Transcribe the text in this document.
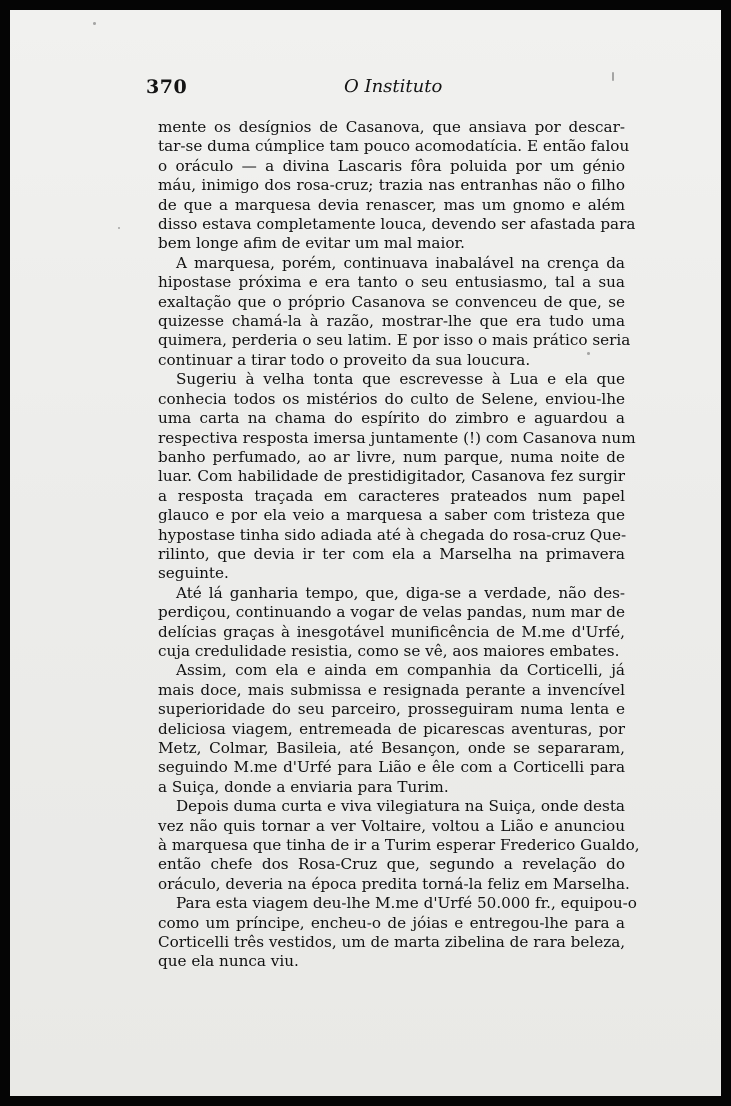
370	O Instituto

mente os desígnios de Casanova, que ansiava por descar-
tar-se duma cúmplice tam pouco acomodatícia. E então falou
o oráculo — a divina Lascaris fôra poluida por um génio
máu, inimigo dos rosa-cruz; trazia nas entranhas não o filho
de que a marquesa devia renascer, mas um gnomo e além
disso estava completamente louca, devendo ser afastada para
bem longe afim de evitar um mal maior.

A marquesa, porém, continuava inabalável na crença da
hipostase próxima e era tanto o seu entusiasmo, tal a sua
exaltação que o próprio Casanova se convenceu de que, se
quizesse chamá-la à razão, mostrar-lhe que era tudo uma
quimera, perderia o seu latim. E por isso o mais prático seria
continuar a tirar todo o proveito da sua loucura.

Sugeriu à velha tonta que escrevesse à Lua e ela que
conhecia todos os mistérios do culto de Selene, enviou-lhe
uma carta na chama do espírito do zimbro e aguardou a
respectiva resposta imersa juntamente (!) com Casanova num
banho perfumado, ao ar livre, num parque, numa noite de
luar. Com habilidade de prestidigitador, Casanova fez surgir
a resposta traçada em caracteres prateados num papel
glauco e por ela veio a marquesa a saber com tristeza que
hypostase tinha sido adiada até à chegada do rosa-cruz Que-
rilinto, que devia ir ter com ela a Marselha na primavera
seguinte.

Até lá ganharia tempo, que, diga-se a verdade, não des-
perdiçou, continuando a vogar de velas pandas, num mar de
delícias graças à inesgotável munificência de M.me d'Urfé,
cuja credulidade resistia, como se vê, aos maiores embates.

Assim, com ela e ainda em companhia da Corticelli, já
mais doce, mais submissa e resignada perante a invencível
superioridade do seu parceiro, prosseguiram numa lenta e
deliciosa viagem, entremeada de picarescas aventuras, por
Metz, Colmar, Basileia, até Besançon, onde se separaram,
seguindo M.me d'Urfé para Lião e êle com a Corticelli para
a Suiça, donde a enviaria para Turim.

Depois duma curta e viva vilegiatura na Suiça, onde desta
vez não quis tornar a ver Voltaire, voltou a Lião e anunciou
à marquesa que tinha de ir a Turim esperar Frederico Gualdo,
então chefe dos Rosa-Cruz que, segundo a revelação do
oráculo, deveria na época predita torná-la feliz em Marselha.

Para esta viagem deu-lhe M.me d'Urfé 50.000 fr., equipou-o
como um príncipe, encheu-o de jóias e entregou-lhe para a
Corticelli três vestidos, um de marta zibelina de rara beleza,
que ela nunca viu.
